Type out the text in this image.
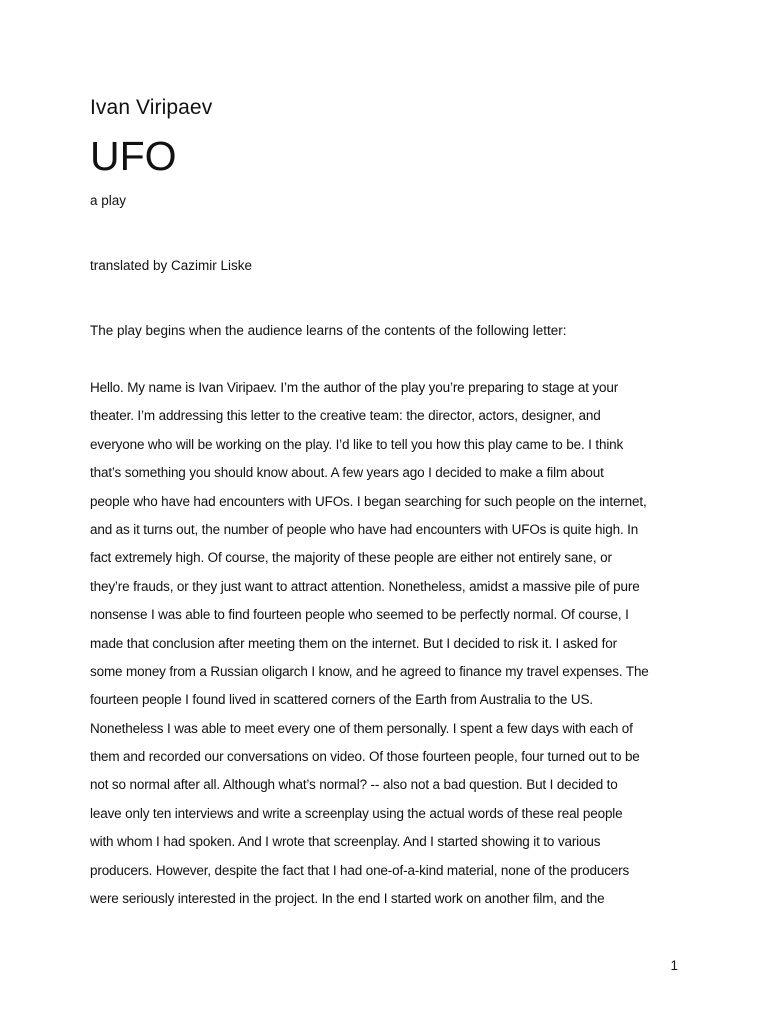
Ivan Viripaev
UFO
a play
translated by Cazimir Liske
The play begins when the audience learns of the contents of the following letter:
Hello. My name is Ivan Viripaev. I’m the author of the play you’re preparing to stage at your
theater. I’m addressing this letter to the creative team: the director, actors, designer, and
everyone who will be working on the play. I’d like to tell you how this play came to be. I think
that’s something you should know about. A few years ago I decided to make a film about
people who have had encounters with UFOs. I began searching for such people on the internet,
and as it turns out, the number of people who have had encounters with UFOs is quite high. In
fact extremely high. Of course, the majority of these people are either not entirely sane, or
they’re frauds, or they just want to attract attention. Nonetheless, amidst a massive pile of pure
nonsense I was able to find fourteen people who seemed to be perfectly normal. Of course, I
made that conclusion after meeting them on the internet. But I decided to risk it. I asked for
some money from a Russian oligarch I know, and he agreed to finance my travel expenses. The
fourteen people I found lived in scattered corners of the Earth from Australia to the US.
Nonetheless I was able to meet every one of them personally. I spent a few days with each of
them and recorded our conversations on video. Of those fourteen people, four turned out to be
not so normal after all. Although what’s normal? -- also not a bad question. But I decided to
leave only ten interviews and write a screenplay using the actual words of these real people
with whom I had spoken. And I wrote that screenplay. And I started showing it to various
producers. However, despite the fact that I had one-of-a-kind material, none of the producers
were seriously interested in the project. In the end I started work on another film, and the
1
